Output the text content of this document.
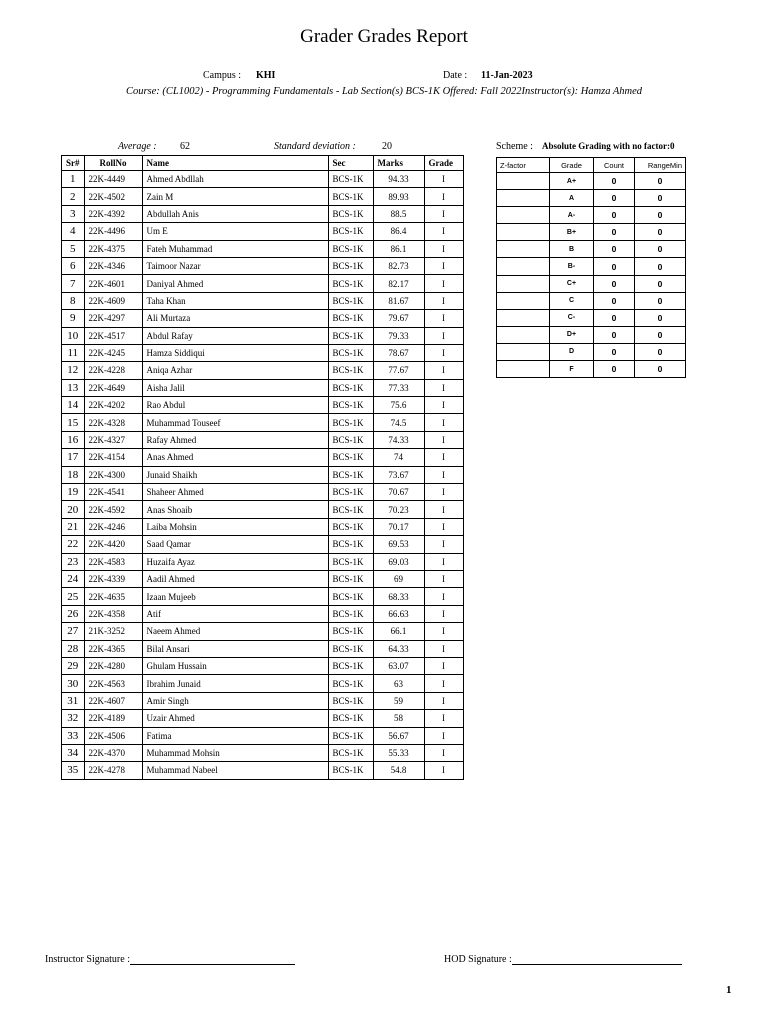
Grader Grades Report
Campus : KHI	Date : 11-Jan-2023
Course: (CL1002) - Programming Fundamentals - Lab Section(s) BCS-1K Offered: Fall 2022Instructor(s): Hamza Ahmed
Average : 62	Standard deviation :	20	Scheme : Absolute Grading with no factor:0
Sr#	RollNo	Name	Sec	Marks	Grade
1	22K-4449	Ahmed Abdllah	BCS-1K	94.33	I
2	22K-4502	Zain M	BCS-1K	89.93	I
3	22K-4392	Abdullah Anis	BCS-1K	88.5	I
4	22K-4496	Um E	BCS-1K	86.4	I
5	22K-4375	Fateh Muhammad	BCS-1K	86.1	I
6	22K-4346	Taimoor Nazar	BCS-1K	82.73	I
7	22K-4601	Daniyal Ahmed	BCS-1K	82.17	I
8	22K-4609	Taha Khan	BCS-1K	81.67	I
9	22K-4297	Ali Murtaza	BCS-1K	79.67	I
10	22K-4517	Abdul Rafay	BCS-1K	79.33	I
11	22K-4245	Hamza Siddiqui	BCS-1K	78.67	I
12	22K-4228	Aniqa Azhar	BCS-1K	77.67	I
13	22K-4649	Aisha Jalil	BCS-1K	77.33	I
14	22K-4202	Rao Abdul	BCS-1K	75.6	I
15	22K-4328	Muhammad Touseef	BCS-1K	74.5	I
16	22K-4327	Rafay Ahmed	BCS-1K	74.33	I
17	22K-4154	Anas Ahmed	BCS-1K	74	I
18	22K-4300	Junaid Shaikh	BCS-1K	73.67	I
19	22K-4541	Shaheer Ahmed	BCS-1K	70.67	I
20	22K-4592	Anas Shoaib	BCS-1K	70.23	I
21	22K-4246	Laiba Mohsin	BCS-1K	70.17	I
22	22K-4420	Saad Qamar	BCS-1K	69.53	I
23	22K-4583	Huzaifa Ayaz	BCS-1K	69.03	I
24	22K-4339	Aadil Ahmed	BCS-1K	69	I
25	22K-4635	Izaan Mujeeb	BCS-1K	68.33	I
26	22K-4358	Atif	BCS-1K	66.63	I
27	21K-3252	Naeem Ahmed	BCS-1K	66.1	I
28	22K-4365	Bilal Ansari	BCS-1K	64.33	I
29	22K-4280	Ghulam Hussain	BCS-1K	63.07	I
30	22K-4563	Ibrahim Junaid	BCS-1K	63	I
31	22K-4607	Amir Singh	BCS-1K	59	I
32	22K-4189	Uzair Ahmed	BCS-1K	58	I
33	22K-4506	Fatima	BCS-1K	56.67	I
34	22K-4370	Muhammad Mohsin	BCS-1K	55.33	I
35	22K-4278	Muhammad Nabeel	BCS-1K	54.8	I
Z-factor	Grade	Count	RangeMin
	A+	0	0
	A	0	0
	A-	0	0
	B+	0	0
	B	0	0
	B-	0	0
	C+	0	0
	C	0	0
	C-	0	0
	D+	0	0
	D	0	0
	F	0	0
Instructor Signature :	HOD Signature :
1
